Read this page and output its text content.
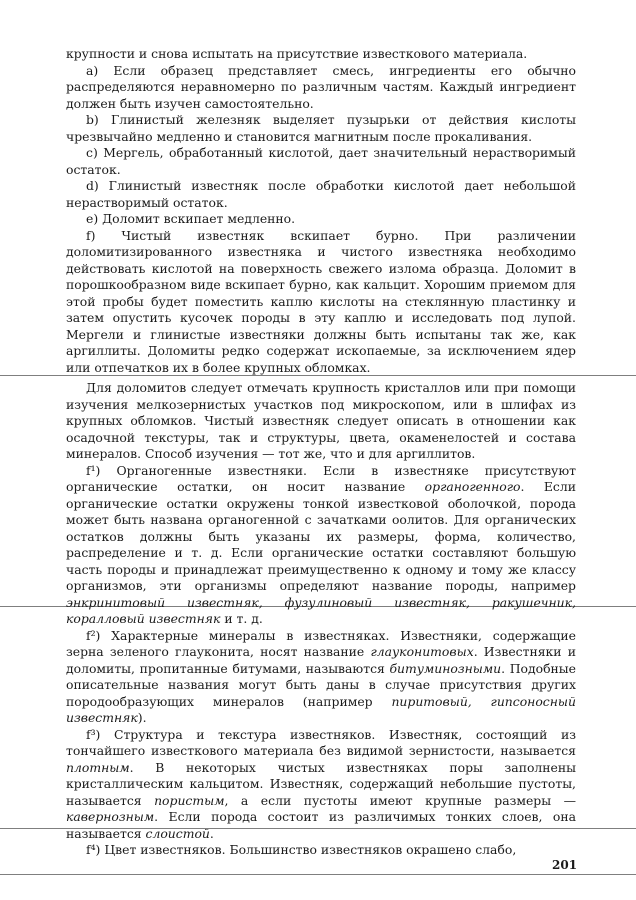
крупности и снова испытать на присутствие известкового материала.

а) Если образец представляет смесь, ингредиенты его обычно распределяются неравномерно по различным частям. Каждый ингредиент должен быть изучен самостоятельно.

b) Глинистый железняк выделяет пузырьки от действия кислоты чрезвычайно медленно и становится магнитным после прокаливания.

c) Мергель, обработанный кислотой, дает значительный нерастворимый остаток.

d) Глинистый известняк после обработки кислотой дает небольшой нерастворимый остаток.

e) Доломит вскипает медленно.

f) Чистый известняк вскипает бурно. При различении доломитизированного известняка и чистого известняка необходимо действовать кислотой на поверхность свежего излома образца. Доломит в порошкообразном виде вскипает бурно, как кальцит. Хорошим приемом для этой пробы будет поместить каплю кислоты на стеклянную пластинку и затем опустить кусочек породы в эту каплю и исследовать под лупой. Мергели и глинистые известняки должны быть испытаны так же, как аргиллиты. Доломиты редко содержат ископаемые, за исключением ядер или отпечатков их в более крупных обломках.

Для доломитов следует отмечать крупность кристаллов или при помощи изучения мелкозернистых участков под микроскопом, или в шлифах из крупных обломков. Чистый известняк следует описать в отношении как осадочной текстуры, так и структуры, цвета, окаменелостей и состава минералов. Способ изучения — тот же, что и для аргиллитов.

f¹) Органогенные известняки. Если в известняке присутствуют органические остатки, он носит название органогенного. Если органические остатки окружены тонкой известковой оболочкой, порода может быть названа органогенной с зачатками оолитов. Для органических остатков должны быть указаны их размеры, форма, количество, распределение и т. д. Если органические остатки составляют большую часть породы и принадлежат преимущественно к одному и тому же классу организмов, эти организмы определяют название породы, например энкринитовый известняк, фузулиновый известняк, ракушечник, коралловый известняк и т. д.

f²) Характерные минералы в известняках. Известняки, содержащие зерна зеленого глауконита, носят название глауконитовых. Известняки и доломиты, пропитанные битумами, называются битуминозными. Подобные описательные названия могут быть даны в случае присутствия других породообразующих минералов (например пиритовый, гипсоносный известняк).

f³) Структура и текстура известняков. Известняк, состоящий из тончайшего известкового материала без видимой зернистости, называется плотным. В некоторых чистых известняках поры заполнены кристаллическим кальцитом. Известняк, содержащий небольшие пустоты, называется пористым, а если пустоты имеют крупные размеры — кавернозным. Если порода состоит из различимых тонких слоев, она называется слоистой.

f⁴) Цвет известняков. Большинство известняков окрашено слабо,

201
